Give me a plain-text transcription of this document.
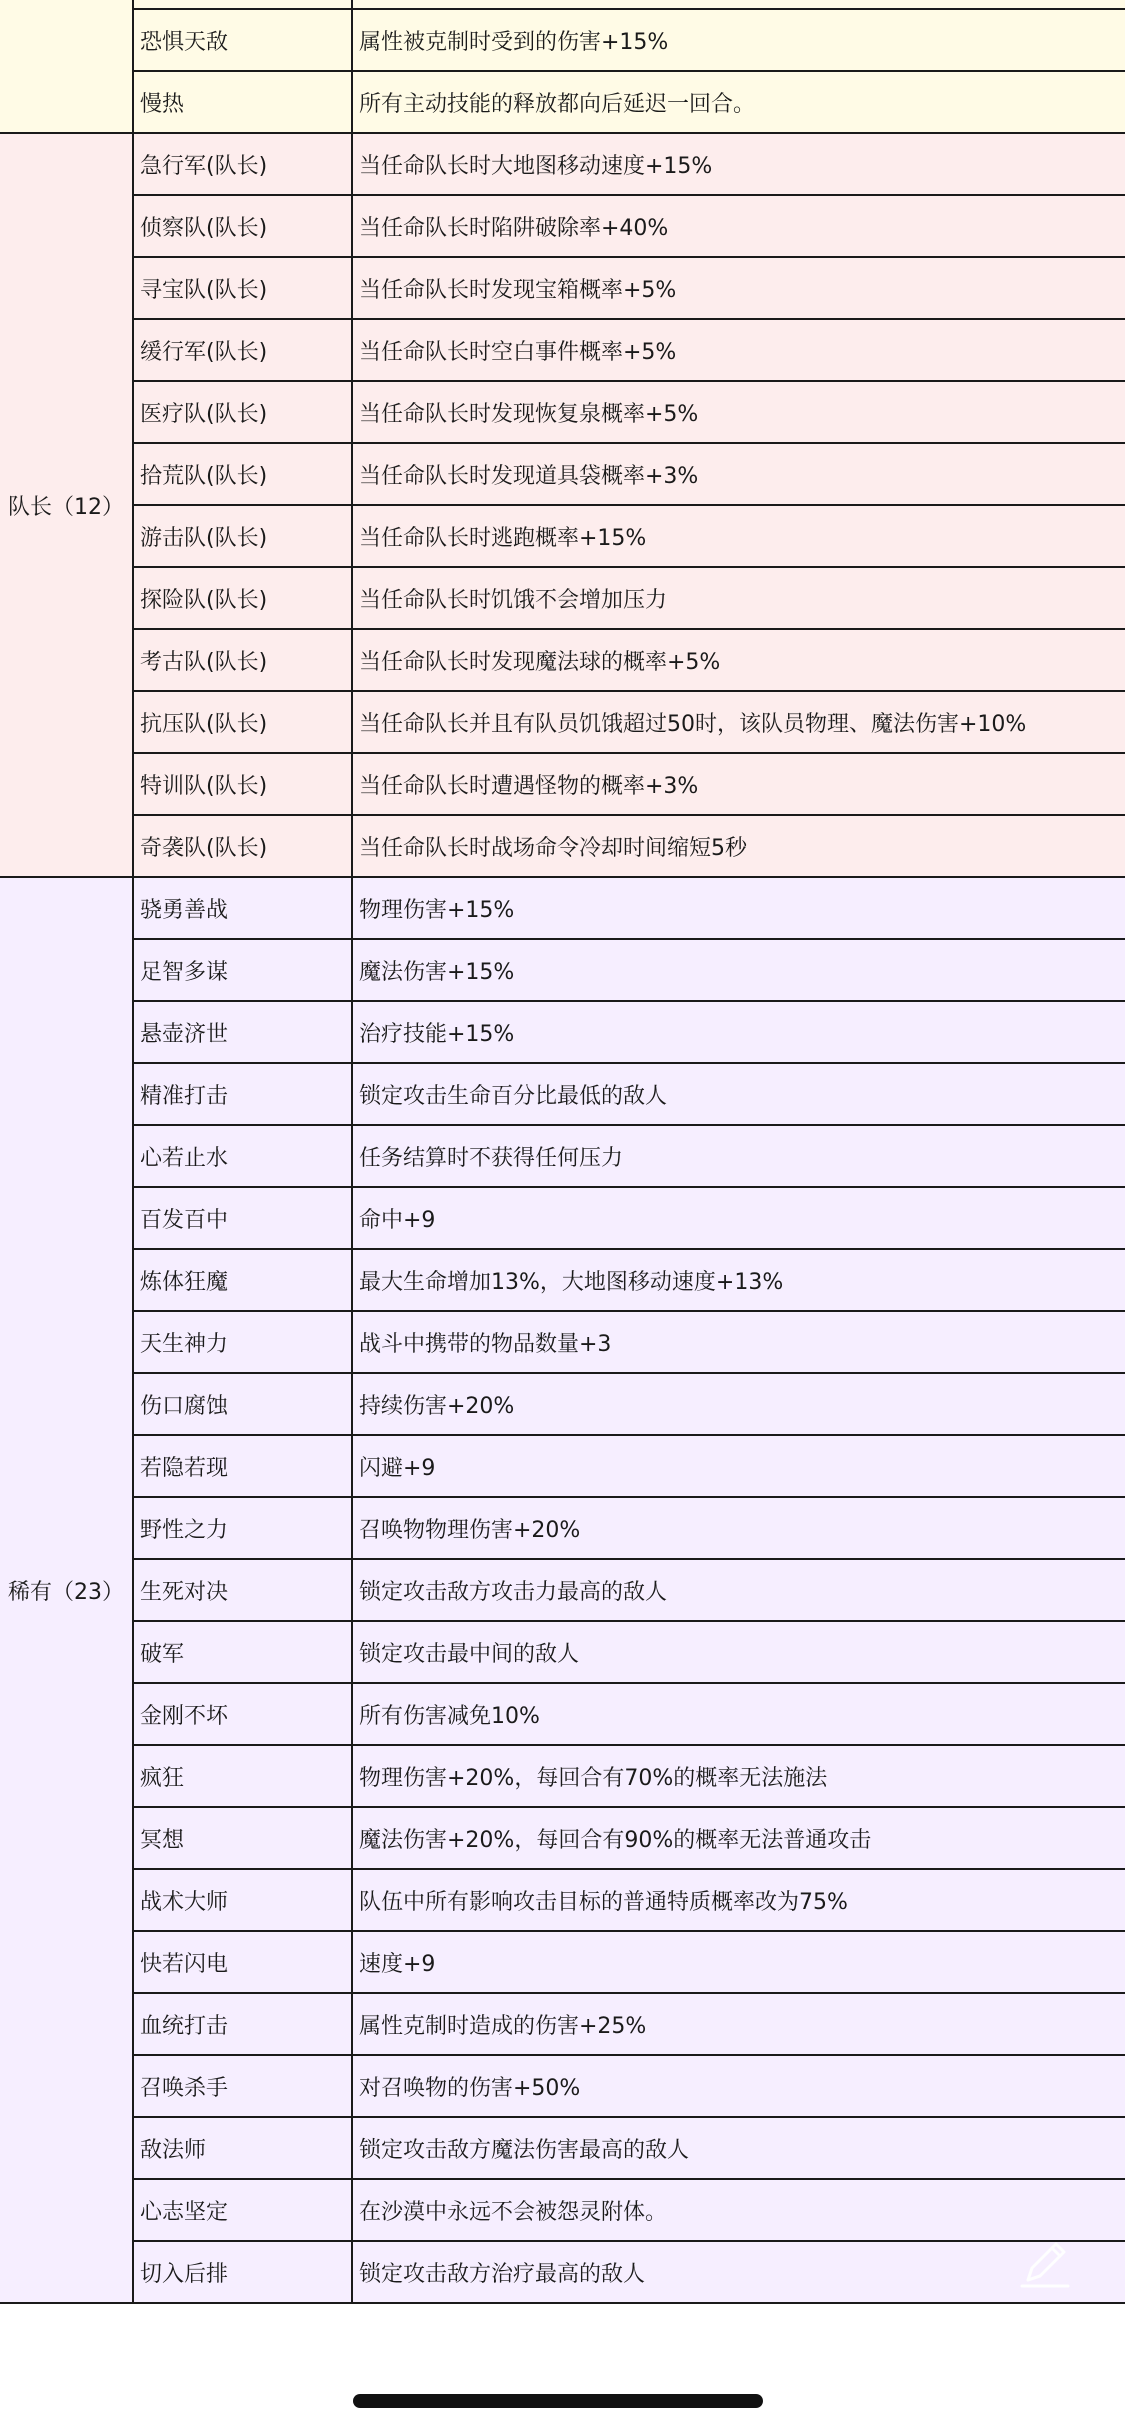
	恐惧天敌	属性被克制时受到的伤害+15%
	慢热	所有主动技能的释放都向后延迟一回合。
队长（12）	急行军(队长)	当任命队长时大地图移动速度+15%
	侦察队(队长)	当任命队长时陷阱破除率+40%
	寻宝队(队长)	当任命队长时发现宝箱概率+5%
	缓行军(队长)	当任命队长时空白事件概率+5%
	医疗队(队长)	当任命队长时发现恢复泉概率+5%
	拾荒队(队长)	当任命队长时发现道具袋概率+3%
	游击队(队长)	当任命队长时逃跑概率+15%
	探险队(队长)	当任命队长时饥饿不会增加压力
	考古队(队长)	当任命队长时发现魔法球的概率+5%
	抗压队(队长)	当任命队长并且有队员饥饿超过50时，该队员物理、魔法伤害+10%
	特训队(队长)	当任命队长时遭遇怪物的概率+3%
	奇袭队(队长)	当任命队长时战场命令冷却时间缩短5秒
稀有（23）	骁勇善战	物理伤害+15%
	足智多谋	魔法伤害+15%
	悬壶济世	治疗技能+15%
	精准打击	锁定攻击生命百分比最低的敌人
	心若止水	任务结算时不获得任何压力
	百发百中	命中+9
	炼体狂魔	最大生命增加13%，大地图移动速度+13%
	天生神力	战斗中携带的物品数量+3
	伤口腐蚀	持续伤害+20%
	若隐若现	闪避+9
	野性之力	召唤物物理伤害+20%
	生死对决	锁定攻击敌方攻击力最高的敌人
	破军	锁定攻击最中间的敌人
	金刚不坏	所有伤害减免10%
	疯狂	物理伤害+20%，每回合有70%的概率无法施法
	冥想	魔法伤害+20%，每回合有90%的概率无法普通攻击
	战术大师	队伍中所有影响攻击目标的普通特质概率改为75%
	快若闪电	速度+9
	血统打击	属性克制时造成的伤害+25%
	召唤杀手	对召唤物的伤害+50%
	敌法师	锁定攻击敌方魔法伤害最高的敌人
	心志坚定	在沙漠中永远不会被怨灵附体。
	切入后排	锁定攻击敌方治疗最高的敌人
